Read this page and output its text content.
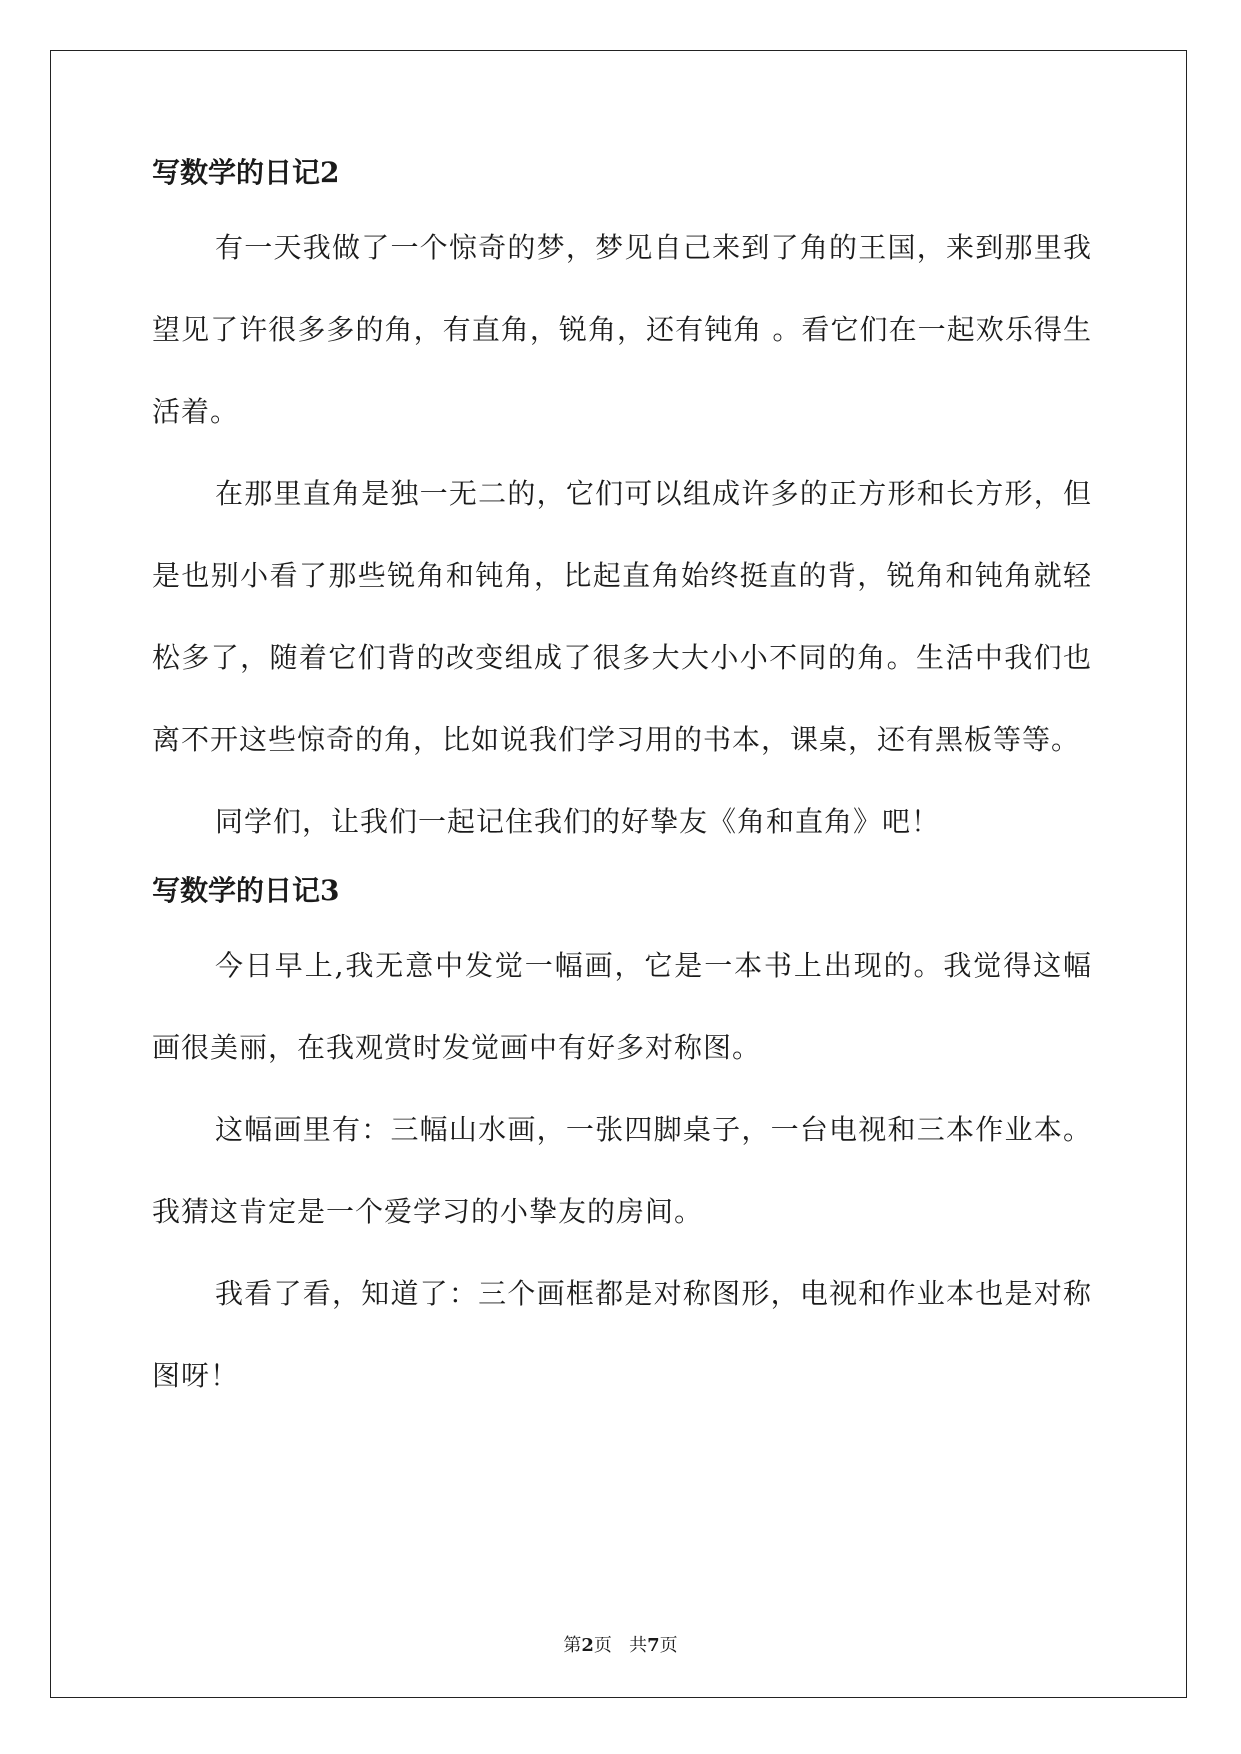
写数学的日记2

有一天我做了一个惊奇的梦，梦见自己来到了角的王国，来到那里我望见了许很多多的角，有直角，锐角，还有钝角 。看它们在一起欢乐得生活着。

在那里直角是独一无二的，它们可以组成许多的正方形和长方形，但是也别小看了那些锐角和钝角，比起直角始终挺直的背，锐角和钝角就轻松多了，随着它们背的改变组成了很多大大小小不同的角。生活中我们也离不开这些惊奇的角，比如说我们学习用的书本，课桌，还有黑板等等。

同学们，让我们一起记住我们的好挚友《角和直角》吧！

写数学的日记3

今日早上,我无意中发觉一幅画，它是一本书上出现的。我觉得这幅画很美丽，在我观赏时发觉画中有好多对称图。

这幅画里有：三幅山水画，一张四脚桌子，一台电视和三本作业本。我猜这肯定是一个爱学习的小挚友的房间。

我看了看，知道了：三个画框都是对称图形，电视和作业本也是对称图呀！

第2页   共7页
